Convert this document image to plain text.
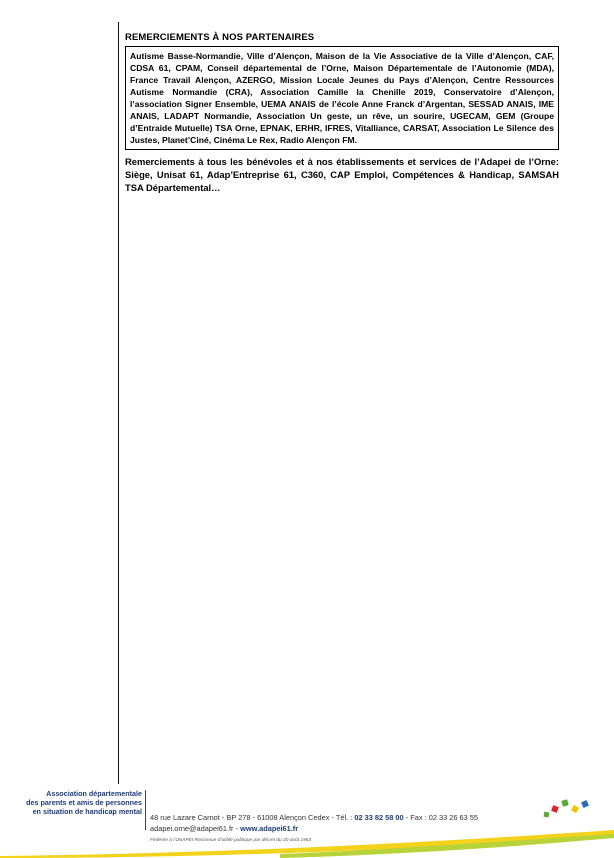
REMERCIEMENTS À NOS PARTENAIRES
Autisme Basse-Normandie, Ville d’Alençon, Maison de la Vie Associative de la Ville d’Alençon, CAF, CDSA 61, CPAM, Conseil départemental de l’Orne, Maison Départementale de l’Autonomie (MDA), France Travail Alençon, AZERGO, Mission Locale Jeunes du Pays d’Alençon, Centre Ressources Autisme Normandie (CRA), Association Camille la Chenille 2019, Conservatoire d’Alençon, l’association Signer Ensemble, UEMA ANAIS de l’école Anne Franck d’Argentan, SESSAD ANAIS, IME ANAIS, LADAPT Normandie, Association Un geste, un rêve, un sourire, UGECAM, GEM (Groupe d’Entraide Mutuelle) TSA Orne, EPNAK, ERHR, IFRES, Vitalliance, CARSAT, Association Le Silence des Justes, Planet’Ciné, Cinéma Le Rex, Radio Alençon FM.
Remerciements à tous les bénévoles et à nos établissements et services de l’Adapei de l’Orne: Siège, Unisat 61, Adap’Entreprise 61, C360, CAP Emploi, Compétences & Handicap, SAMSAH TSA Départemental…
Association départementale
des parents et amis de personnes
en situation de handicap mental
48 rue Lazare Carnot - BP 278 - 61008 Alençon Cedex - Tél. : 02 33 82 58 00 - Fax : 02 33 26 63 55
adapei.orne@adapei61.fr - www.adapei61.fr
Fédérée à l’UNAPEI Reconnue d’utilité publique par décret du 30 août 1963
